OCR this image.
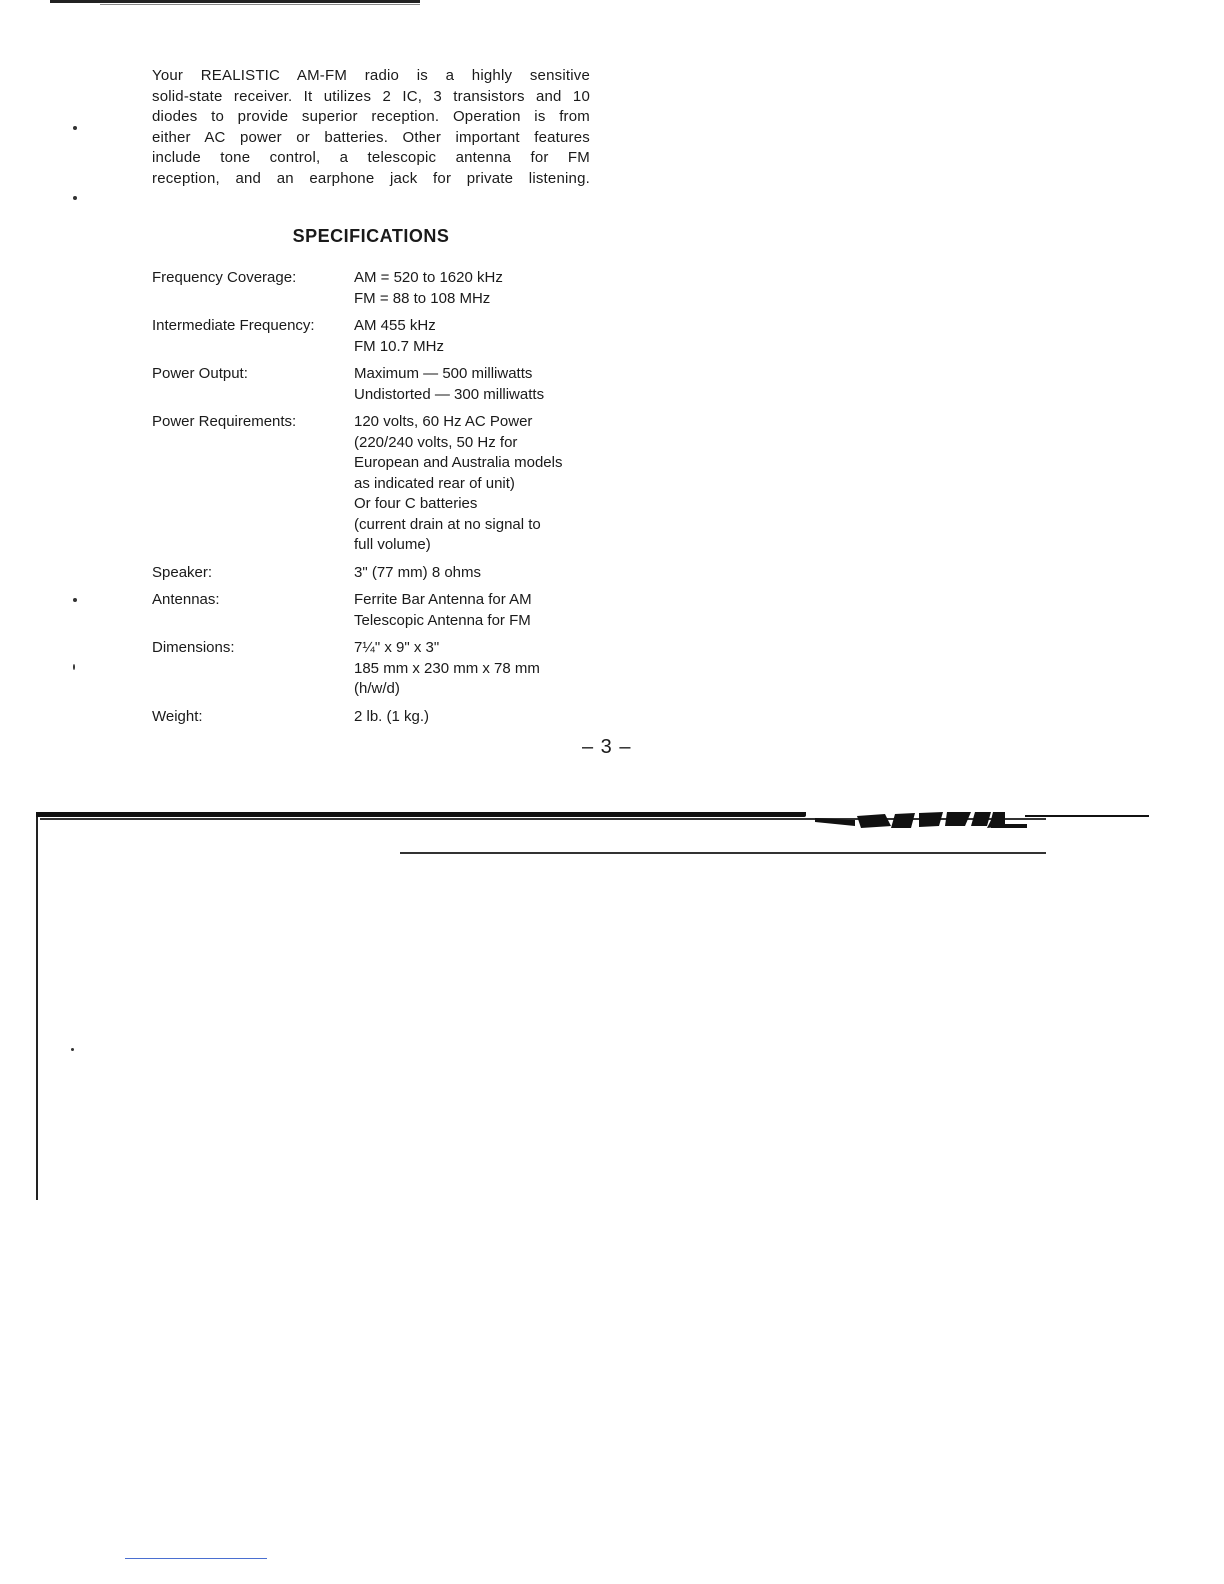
Your REALISTIC AM-FM radio is a highly sensitive
solid-state receiver. It utilizes 2 IC, 3 transistors and 10
diodes to provide superior reception. Operation is from
either AC power or batteries. Other important features
include tone control, a telescopic antenna for FM
reception, and an earphone jack for private listening.
SPECIFICATIONS
Frequency Coverage:	AM = 520 to 1620 kHz
FM = 88 to 108 MHz
Intermediate Frequency:	AM 455 kHz
FM 10.7 MHz
Power Output:	Maximum — 500 milliwatts
Undistorted — 300 milliwatts
Power Requirements:	120 volts, 60 Hz AC Power
(220/240 volts, 50 Hz for
European and Australia models
as indicated rear of unit)
Or four C batteries
(current drain at no signal to
full volume)
Speaker:	3" (77 mm) 8 ohms
Antennas:	Ferrite Bar Antenna for AM
Telescopic Antenna for FM
Dimensions:	7¼" x 9" x 3"
185 mm x 230 mm x 78 mm
(h/w/d)
Weight:	2 lb. (1 kg.)
– 3 –
